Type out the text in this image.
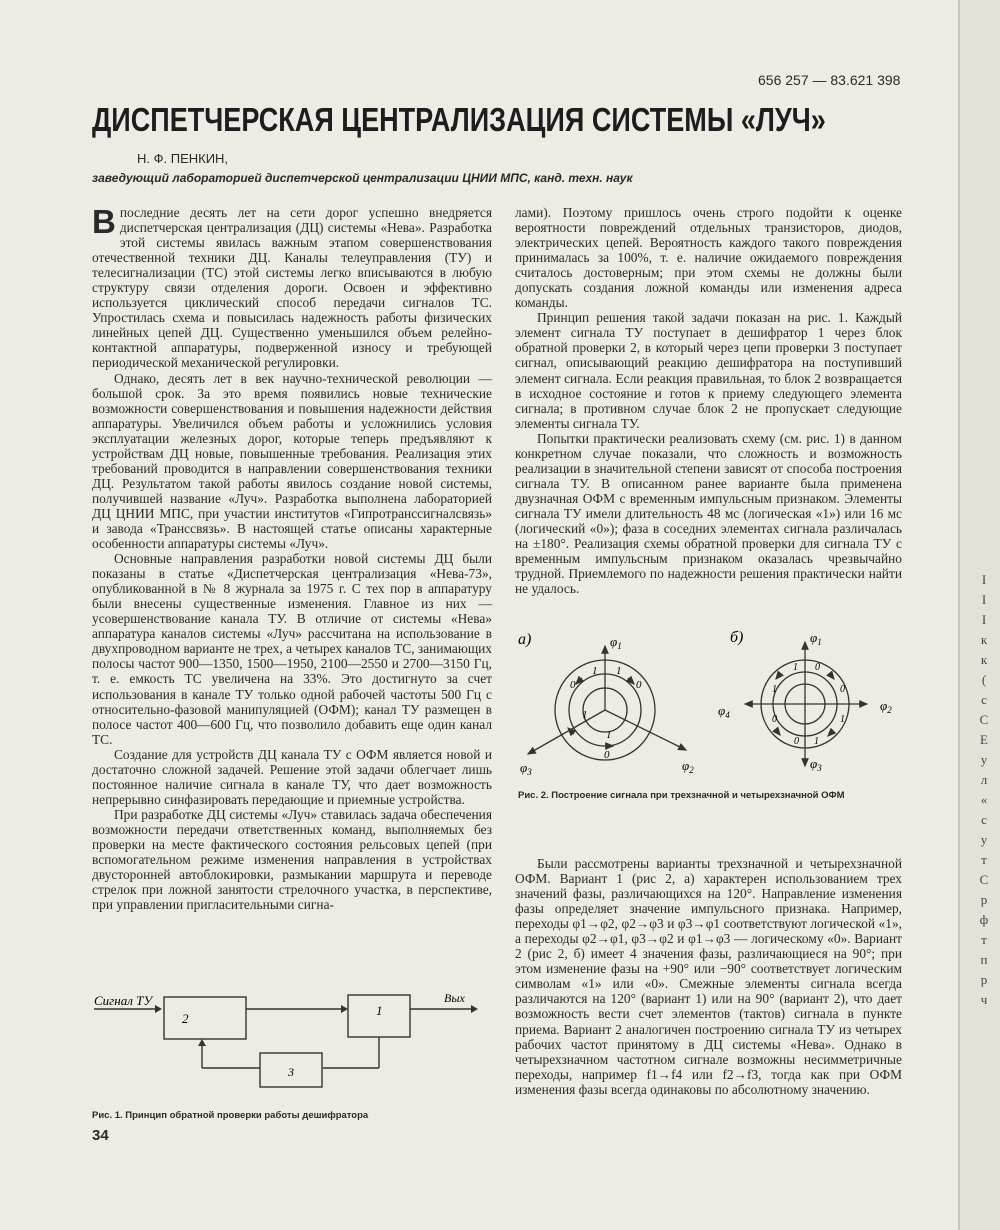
I
I
I
к
к
(
с
С
Е
у
л
«
с
у
т
С
р
ф
т
п
р
ч
656 257 — 83.621 398
ДИСПЕТЧЕРСКАЯ ЦЕНТРАЛИЗАЦИЯ СИСТЕМЫ «ЛУЧ»
Н. Ф. ПЕНКИН,
заведующий лабораторией диспетчерской централизации ЦНИИ МПС, канд. техн. наук

Впоследние десять лет на сети дорог успешно внедряется диспетчерская централизация (ДЦ) системы «Нева». Разработка этой системы явилась важным этапом совершенствования отечественной техники ДЦ. Каналы телеуправления (ТУ) и телесигнализации (ТС) этой системы легко вписываются в любую структуру связи отделения дороги. Освоен и эффективно используется циклический способ передачи сигналов ТС. Упростилась схема и повысилась надежность работы физических линейных цепей ДЦ. Существенно уменьшился объем релейно-контактной аппаратуры, подверженной износу и требующей периодической механической регулировки.

Однако, десять лет в век научно-технической революции — большой срок. За это время появились новые технические возможности совершенствования и повышения надежности действия аппаратуры. Увеличился объем работы и усложнились условия эксплуатации железных дорог, которые теперь предъявляют к устройствам ДЦ новые, повышенные требования. Реализация этих требований проводится в направлении совершенствования техники ДЦ. Результатом такой работы явилось создание новой системы, получившей название «Луч». Разработка выполнена лабораторией ДЦ ЦНИИ МПС, при участии институтов «Гипротранссигналсвязь» и завода «Трансcвязь». В настоящей статье описаны характерные особенности аппаратуры системы «Луч».

Основные направления разработки новой системы ДЦ были показаны в статье «Диспетчерская централизация «Нева-73», опубликованной в № 8 журнала за 1975 г. С тех пор в аппаратуру были внесены существенные изменения. Главное из них — усовершенствование канала ТУ. В отличие от системы «Нева» аппаратура каналов системы «Луч» рассчитана на использование в двухпроводном варианте не трех, а четырех каналов ТС, занимающих полосы частот 900—1350, 1500—1950, 2100—2550 и 2700—3150 Гц, т. е. емкость ТС увеличена на 33%. Это достигнуто за счет использования в канале ТУ только одной рабочей частоты 500 Гц с относительно-фазовой манипуляцией (ОФМ); канал ТУ размещен в полосе частот 400—600 Гц, что позволило добавить еще один канал ТС.

Создание для устройств ДЦ канала ТУ с ОФМ является новой и достаточно сложной задачей. Решение этой задачи облегчает лишь постоянное наличие сигнала в канале ТУ, что дает возможность непрерывно синфазировать передающие и приемные устройства.

При разработке ДЦ системы «Луч» ставилась задача обеспечения возможности передачи ответственных команд, выполняемых без проверки на месте фактического состояния рельсовых цепей (при вспомогательном режиме изменения направления в устройствах двусторонней автоблокировки, размыкании маршрута и переводе стрелок при ложной занятости стрелочного участка, в перспективе, при управлении пригласительными сигна-

Сигнал ТУ
2
1
Вых
3
Рис. 1. Принцип обратной проверки работы дешифратора
34

лами). Поэтому пришлось очень строго подойти к оценке вероятности повреждений отдельных транзисторов, диодов, электрических цепей. Вероятность каждого такого повреждения принималась за 100%, т. е. наличие ожидаемого повреждения считалось достоверным; при этом схемы не должны были допускать создания ложной команды или изменения адреса команды.

Принцип решения такой задачи показан на рис. 1. Каждый элемент сигнала ТУ поступает в дешифратор 1 через блок обратной проверки 2, в который через цепи проверки 3 поступает сигнал, описывающий реакцию дешифратора на поступивший элемент сигнала. Если реакция правильная, то блок 2 возвращается в исходное состояние и готов к приему следующего элемента сигнала; в противном случае блок 2 не пропускает следующие элементы сигнала ТУ.

Попытки практически реализовать схему (см. рис. 1) в данном конкретном случае показали, что сложность и возможность реализации в значительной степени зависят от способа построения сигнала ТУ. В описанном ранее варианте была применена двузначная ОФМ с временным импульсным признаком. Элементы сигнала ТУ имели длительность 48 мс (логическая «1») или 16 мс (логический «0»); фаза в соседних элементах сигнала различалась на ±180°. Реализация схемы обратной проверки для сигнала ТУ с временным импульсным признаком оказалась чрезвычайно трудной. Приемлемого по надежности решения практически найти не удалось.

а)	$\varphi_1$
$\varphi_3$	$\varphi_2$
1 1
0	0
1
1
0
б)	$\varphi_1$
$\varphi_2$
$\varphi_3$
$\varphi_4$
1 0
0
1
0	1
0 1
Рис. 2. Построение сигнала при трехзначной и четырехзначной ОФМ

Были рассмотрены варианты трехзначной и четырехзначной ОФМ. Вариант 1 (рис 2, а) характерен использованием трех значений фазы, различающихся на 120°. Направление изменения фазы определяет значение импульсного признака. Например, переходы φ1→φ2, φ2→φ3 и φ3→φ1 соответствуют логической «1», а переходы φ2→φ1, φ3→φ2 и φ1→φ3 — логическому «0». Вариант 2 (рис 2, б) имеет 4 значения фазы, различающиеся на 90°; при этом изменение фазы на +90° или −90° соответствует логическим символам «1» или «0». Смежные элементы сигнала всегда различаются на 120° (вариант 1) или на 90° (вариант 2), что дает возможность вести счет элементов (тактов) сигнала в пункте приема. Вариант 2 аналогичен построению сигнала ТУ из четырех рабочих частот принятому в ДЦ системы «Нева». Однако в четырехзначном частотном сигнале возможны несимметричные переходы, например f1→f4 или f2→f3, тогда как при ОФМ изменения фазы всегда одинаковы по абсолютному значению.
